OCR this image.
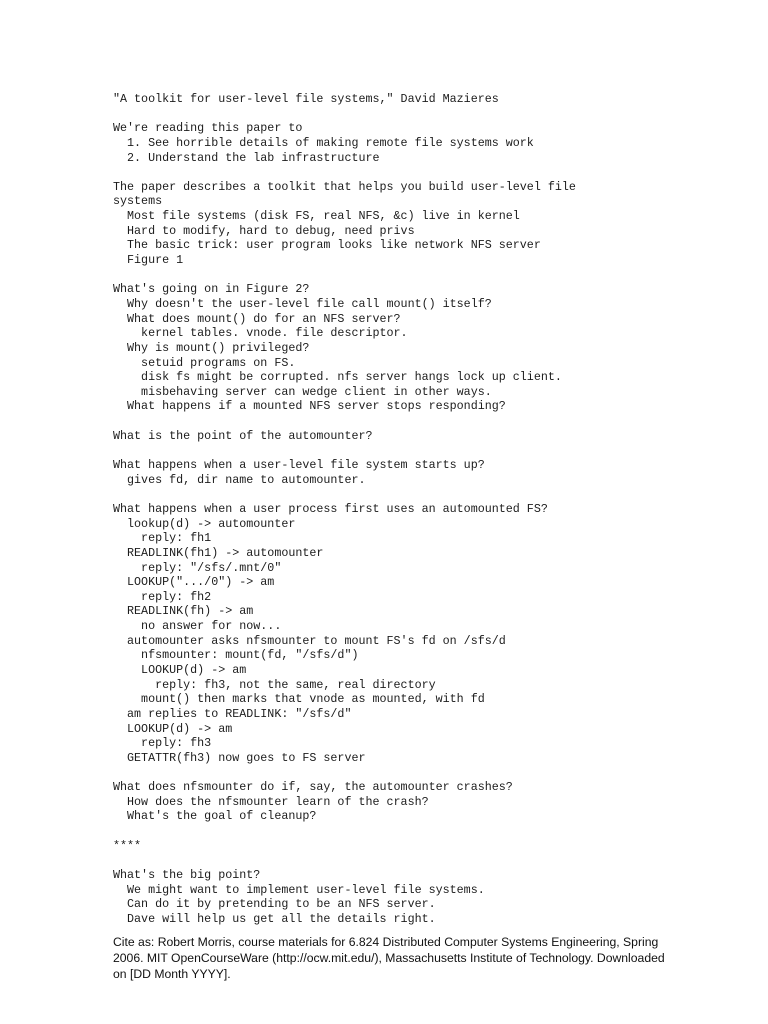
"A toolkit for user-level file systems," David Mazieres
We're reading this paper to
1. See horrible details of making remote file systems work
2. Understand the lab infrastructure
The paper describes a toolkit that helps you build user-level file
systems
Most file systems (disk FS, real NFS, &c) live in kernel
Hard to modify, hard to debug, need privs
The basic trick: user program looks like network NFS server
Figure 1
What's going on in Figure 2?
Why doesn't the user-level file call mount() itself?
What does mount() do for an NFS server?
kernel tables. vnode. file descriptor.
Why is mount() privileged?
setuid programs on FS.
disk fs might be corrupted. nfs server hangs lock up client.
misbehaving server can wedge client in other ways.
What happens if a mounted NFS server stops responding?
What is the point of the automounter?
What happens when a user-level file system starts up?
gives fd, dir name to automounter.
What happens when a user process first uses an automounted FS?
lookup(d) -> automounter
reply: fh1
READLINK(fh1) -> automounter
reply: "/sfs/.mnt/0"
LOOKUP(".../0") -> am
reply: fh2
READLINK(fh) -> am
no answer for now...
automounter asks nfsmounter to mount FS's fd on /sfs/d
nfsmounter: mount(fd, "/sfs/d")
LOOKUP(d) -> am
reply: fh3, not the same, real directory
mount() then marks that vnode as mounted, with fd
am replies to READLINK: "/sfs/d"
LOOKUP(d) -> am
reply: fh3
GETATTR(fh3) now goes to FS server
What does nfsmounter do if, say, the automounter crashes?
How does the nfsmounter learn of the crash?
What's the goal of cleanup?
****
What's the big point?
We might want to implement user-level file systems.
Can do it by pretending to be an NFS server.
Dave will help us get all the details right.

Cite as: Robert Morris, course materials for 6.824 Distributed Computer Systems Engineering, Spring 2006. MIT OpenCourseWare (http://ocw.mit.edu/), Massachusetts Institute of Technology. Downloaded on [DD Month YYYY].
